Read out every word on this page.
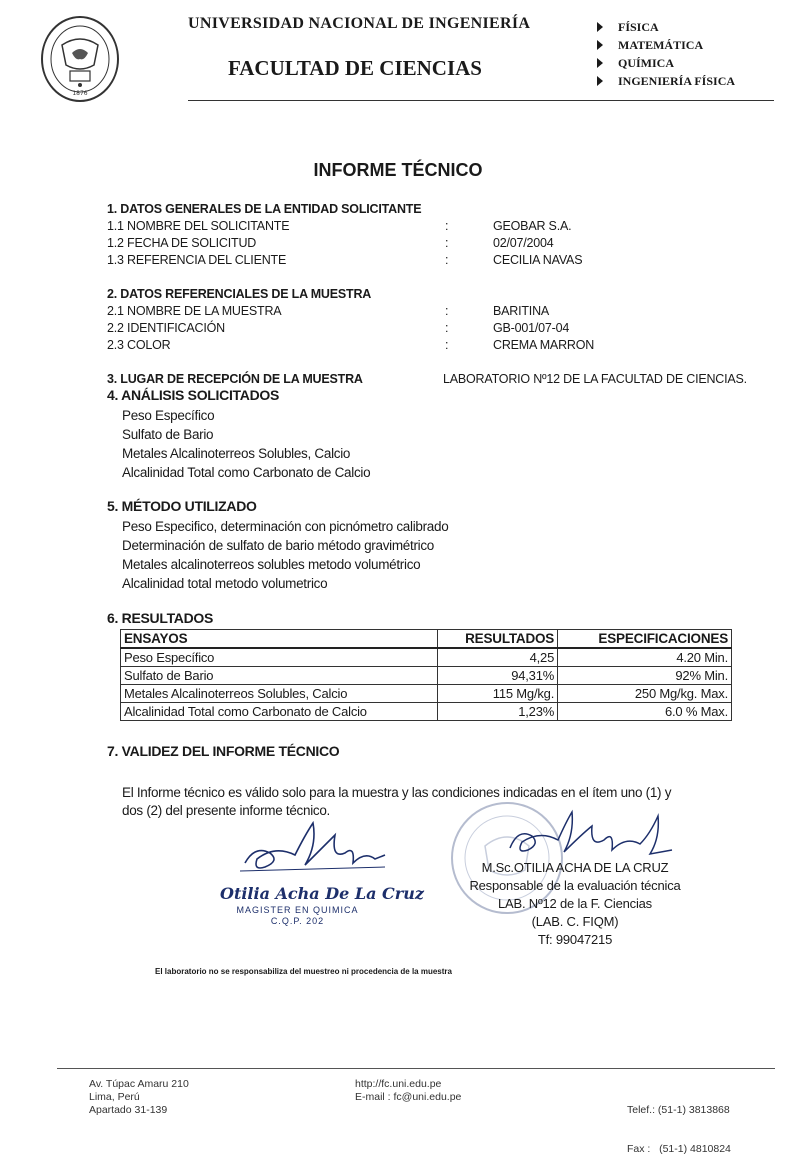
1876
UNIVERSIDAD NACIONAL DE INGENIERÍA
FACULTAD DE CIENCIAS
FÍSICA
MATEMÁTICA
QUÍMICA
INGENIERÍA FÍSICA
INFORME TÉCNICO
1. DATOS GENERALES DE LA ENTIDAD SOLICITANTE
1.1 NOMBRE DEL SOLICITANTE	:	GEOBAR S.A.
1.2 FECHA DE SOLICITUD	:	02/07/2004
1.3 REFERENCIA DEL CLIENTE	:	CECILIA NAVAS
2. DATOS REFERENCIALES DE LA MUESTRA
2.1 NOMBRE DE LA MUESTRA	:	BARITINA
2.2 IDENTIFICACIÓN	:	GB-001/07-04
2.3 COLOR	:	CREMA MARRON
3. LUGAR DE RECEPCIÓN DE LA MUESTRA	LABORATORIO Nº12 DE LA FACULTAD DE CIENCIAS.
4. ANÁLISIS SOLICITADOS
Peso Específico
Sulfato de Bario
Metales Alcalinoterreos Solubles, Calcio
Alcalinidad Total como Carbonato de Calcio
5. MÉTODO UTILIZADO
Peso Especifico, determinación con picnómetro calibrado
Determinación de sulfato de bario método gravimétrico
Metales alcalinoterreos solubles metodo volumétrico
Alcalinidad total metodo volumetrico
6. RESULTADOS
ENSAYOS	RESULTADOS	ESPECIFICACIONES
Peso Específico	4,25	4.20 Min.
Sulfato de Bario	94,31%	92% Min.
Metales Alcalinoterreos Solubles, Calcio	115 Mg/kg.	250 Mg/kg. Max.
Alcalinidad Total como Carbonato de Calcio	1,23%	6.0 % Max.
7. VALIDEZ DEL INFORME TÉCNICO
El Informe técnico es válido solo para la muestra y las condiciones indicadas en el ítem uno (1) y
dos (2) del presente informe técnico.
Otilia Acha De La Cruz
MAGISTER EN QUIMICA
C.Q.P. 202
M.Sc.OTILIA ACHA DE LA CRUZ
Responsable de la evaluación técnica
LAB. Nº12 de la F. Ciencias
(LAB. C. FIQM)
Tf: 99047215
El laboratorio no se responsabiliza del muestreo ni procedencia de la muestra
Av. Túpac Amaru 210
Lima, Perú
Apartado 31-139
http://fc.uni.edu.pe
E-mail : fc@uni.edu.pe

Telef.: (51-1) 3813868

Fax :   (51-1) 4810824
